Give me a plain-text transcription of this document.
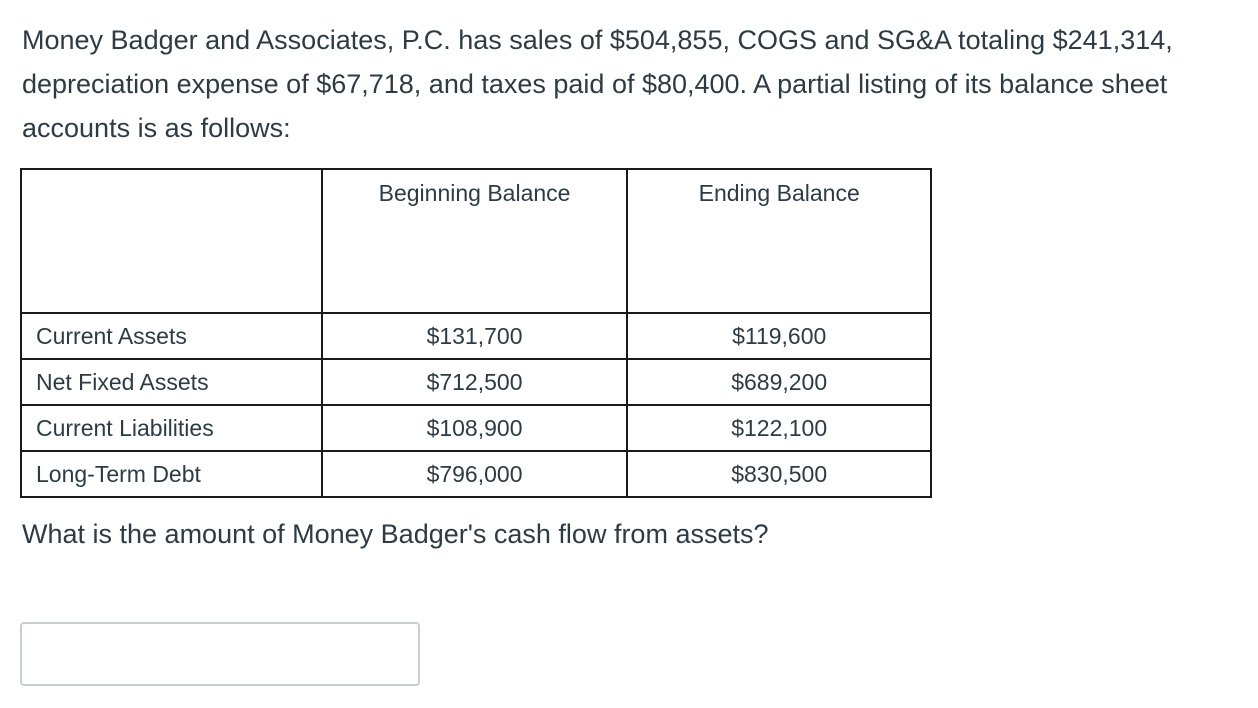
Money Badger and Associates, P.C. has sales of $504,855, COGS and SG&A totaling $241,314, depreciation expense of $67,718, and taxes paid of $80,400. A partial listing of its balance sheet accounts is as follows:

	Beginning Balance	Ending Balance
Current Assets	$131,700	$119,600
Net Fixed Assets	$712,500	$689,200
Current Liabilities	$108,900	$122,100
Long-Term Debt	$796,000	$830,500

What is the amount of Money Badger's cash flow from assets?
